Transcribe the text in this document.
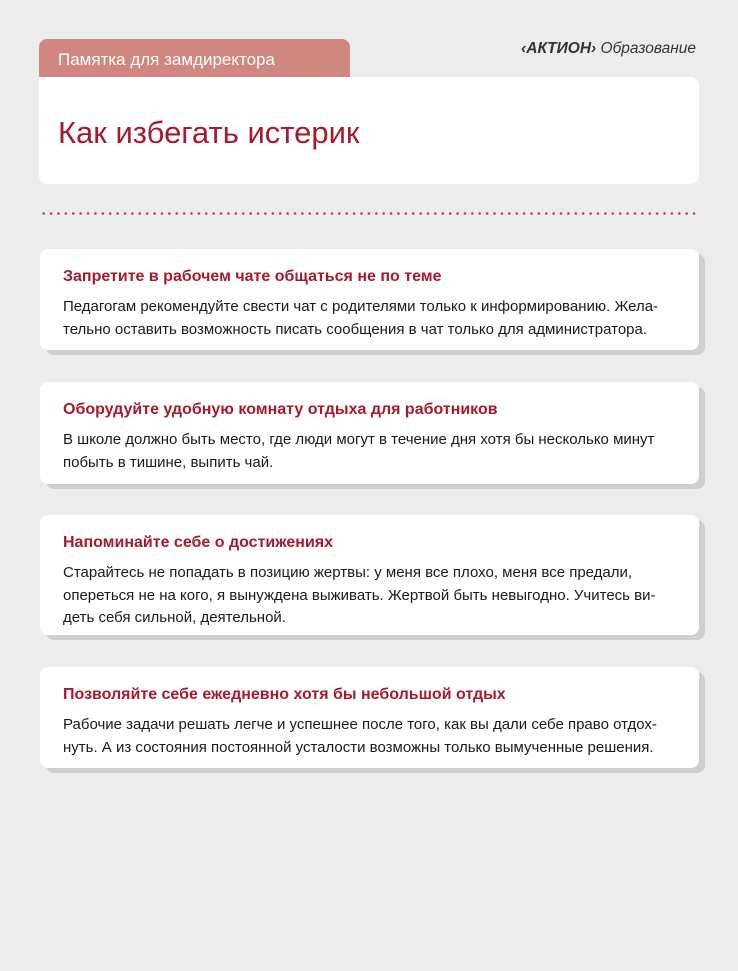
Памятка для замдиректора
‹АКТИОН› Образование
Как избегать истерик

Запретите в рабочем чате общаться не по теме

Педагогам рекомендуйте свести чат с родителями только к информированию. Жела-
тельно оставить возможность писать сообщения в чат только для администратора.

Оборудуйте удобную комнату отдыха для работников

В школе должно быть место, где люди могут в течение дня хотя бы несколько минут
побыть в тишине, выпить чай.

Напоминайте себе о достижениях

Старайтесь не попадать в позицию жертвы: у меня все плохо, меня все предали,
опереться не на кого, я вынуждена выживать. Жертвой быть невыгодно. Учитесь ви-
деть себя сильной, деятельной.

Позволяйте себе ежедневно хотя бы небольшой отдых

Рабочие задачи решать легче и успешнее после того, как вы дали себе право отдох-
нуть. А из состояния постоянной усталости возможны только вымученные решения.
